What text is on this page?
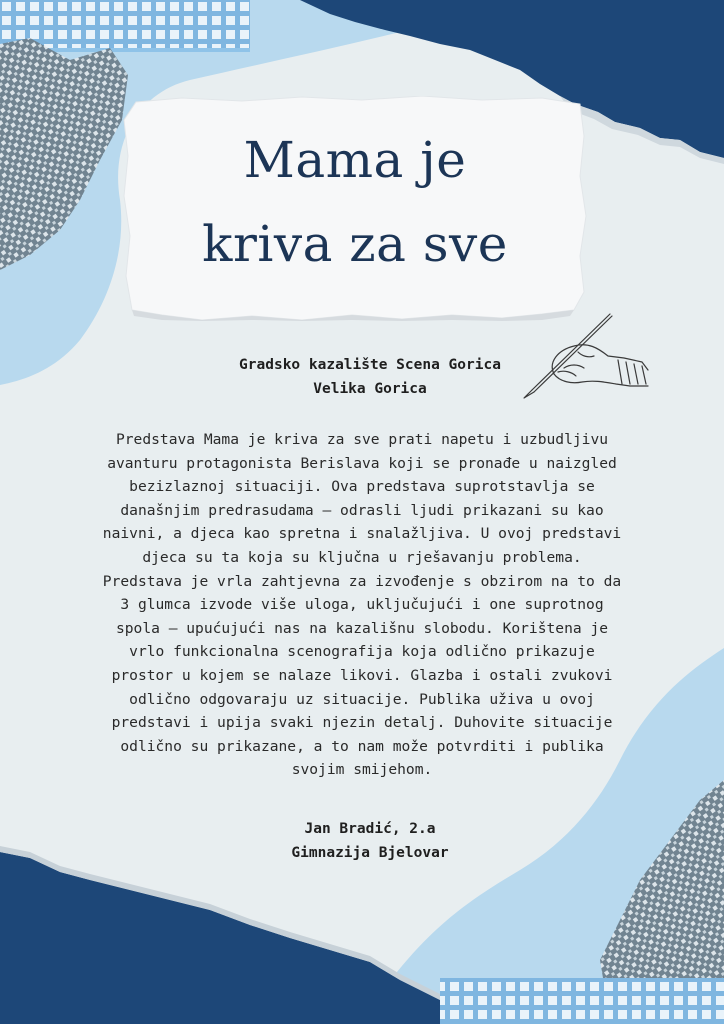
Mama je
kriva za sve
Gradsko kazalište Scena Gorica
Velika Gorica
Predstava Mama je kriva za sve prati napetu i uzbudljivu
avanturu protagonista Berislava koji se pronađe u naizgled
bezizlaznoj situaciji. Ova predstava suprotstavlja se
današnjim predrasudama – odrasli ljudi prikazani su kao
naivni, a djeca kao spretna i snalažljiva. U ovoj predstavi
djeca su ta koja su ključna u rješavanju problema.
Predstava je vrla zahtjevna za izvođenje s obzirom na to da
3 glumca izvode više uloga, uključujući i one suprotnog
spola – upućujući nas na kazališnu slobodu. Korištena je
vrlo funkcionalna scenografija koja odlično prikazuje
prostor u kojem se nalaze likovi. Glazba i ostali zvukovi
odlično odgovaraju uz situacije. Publika uživa u ovoj
predstavi i upija svaki njezin detalj. Duhovite situacije
odlično su prikazane, a to nam može potvrditi i publika
svojim smijehom.
Jan Bradić, 2.a
Gimnazija Bjelovar
